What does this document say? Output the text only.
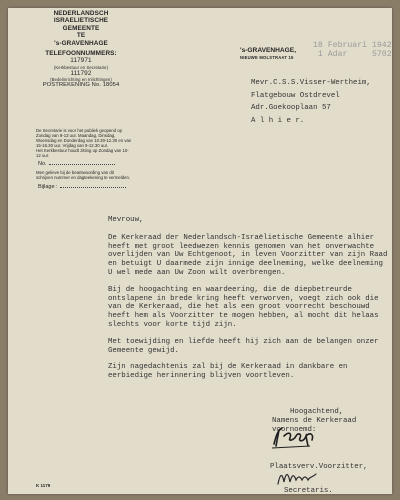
NEDERLANDSCH
ISRAELIETISCHE GEMEENTE
TE
's-GRAVENHAGE
TELEFOONNUMMERS:
117971
(Kerkbestuur en Secretarie)
111792
(Bedelinrichting en Inlichtingen)
POSTREKENING No. 18054
De Secretarie is voor het publiek geopend op Zondag van 9-13 uur. Maandag, Dinsdag, Woensdag en Donderdag van 10.30-12.30 en van 15-16.30 uur, Vrijdag van 9-12.30 uur.
Het Kerkbestuur houdt zitting op Zondag van 10-12 uur.
No.
Men gelieve bij de beantwoording van dit schrijven nummer en dagteekening te vermelden.
Bijlage :
's-GRAVENHAGE,
NIEUWE MOLSTRAAT 15
18 Februari 1942
1 Adar     5702
Mevr.C.S.S.Visser-Wertheim,
Flatgebouw Ostdrevel
Adr.Goekooplaan 57
A l h i e r.

Mevrouw,

De Kerkeraad der Nederlandsch-Israëlietische Gemeente alhier heeft met groot leedwezen kennis genomen van het onverwachte overlijden van Uw Echtgenoot, in leven Voorzitter van zijn Raad en betuigt U daarmede zijn innige deelneming, welke deelneming U wel mede aan Uw Zoon wilt overbrengen.

Bij de hoogachting en waardeering, die de diepbetreurde ontslapene in brede kring heeft verworven, voegt zich ook die van de Kerkeraad, die het als een groot voorrecht beschouwd heeft hem als Voorzitter te mogen hebben, al mocht dit helaas slechts voor korte tijd zijn.

Met toewijding en liefde heeft hij zich aan de belangen onzer Gemeente gewijd.

Zijn nagedachtenis zal bij de Kerkeraad in dankbare en eerbiedige herinnering blijven voortleven.

Hoogachtend,
Namens de Kerkeraad voornoemd:
Plaatsverv.Voorzitter,
Secretaris.
K 1179
